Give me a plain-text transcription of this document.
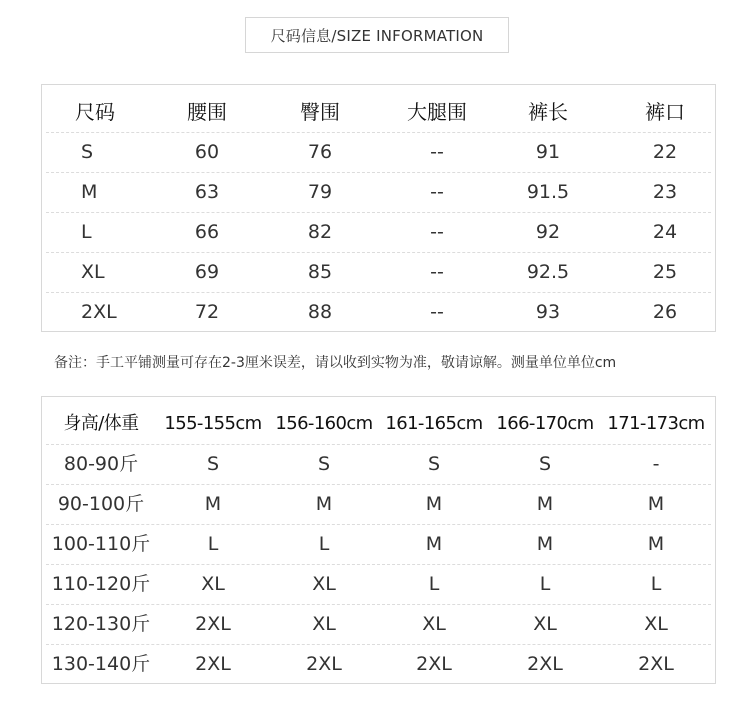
尺码信息/SIZE INFORMATION
尺码	腰围	臀围	大腿围	裤长	裤口
S	60	76	--	91	22
M	63	79	--	91.5	23
L	66	82	--	92	24
XL	69	85	--	92.5	25
2XL	72	88	--	93	26
备注：手工平铺测量可存在2-3厘米误差，请以收到实物为准，敬请谅解。测量单位单位cm
身高/体重	155-155cm 156-160cm 161-165cm 166-170cm 171-173cm
80-90斤	S	S	S	S	-
90-100斤	M	M	M	M	M
100-110斤	L	L	M	M	M
110-120斤	XL	XL	L	L	L
120-130斤	2XL	XL	XL	XL	XL
130-140斤	2XL	2XL	2XL	2XL	2XL
